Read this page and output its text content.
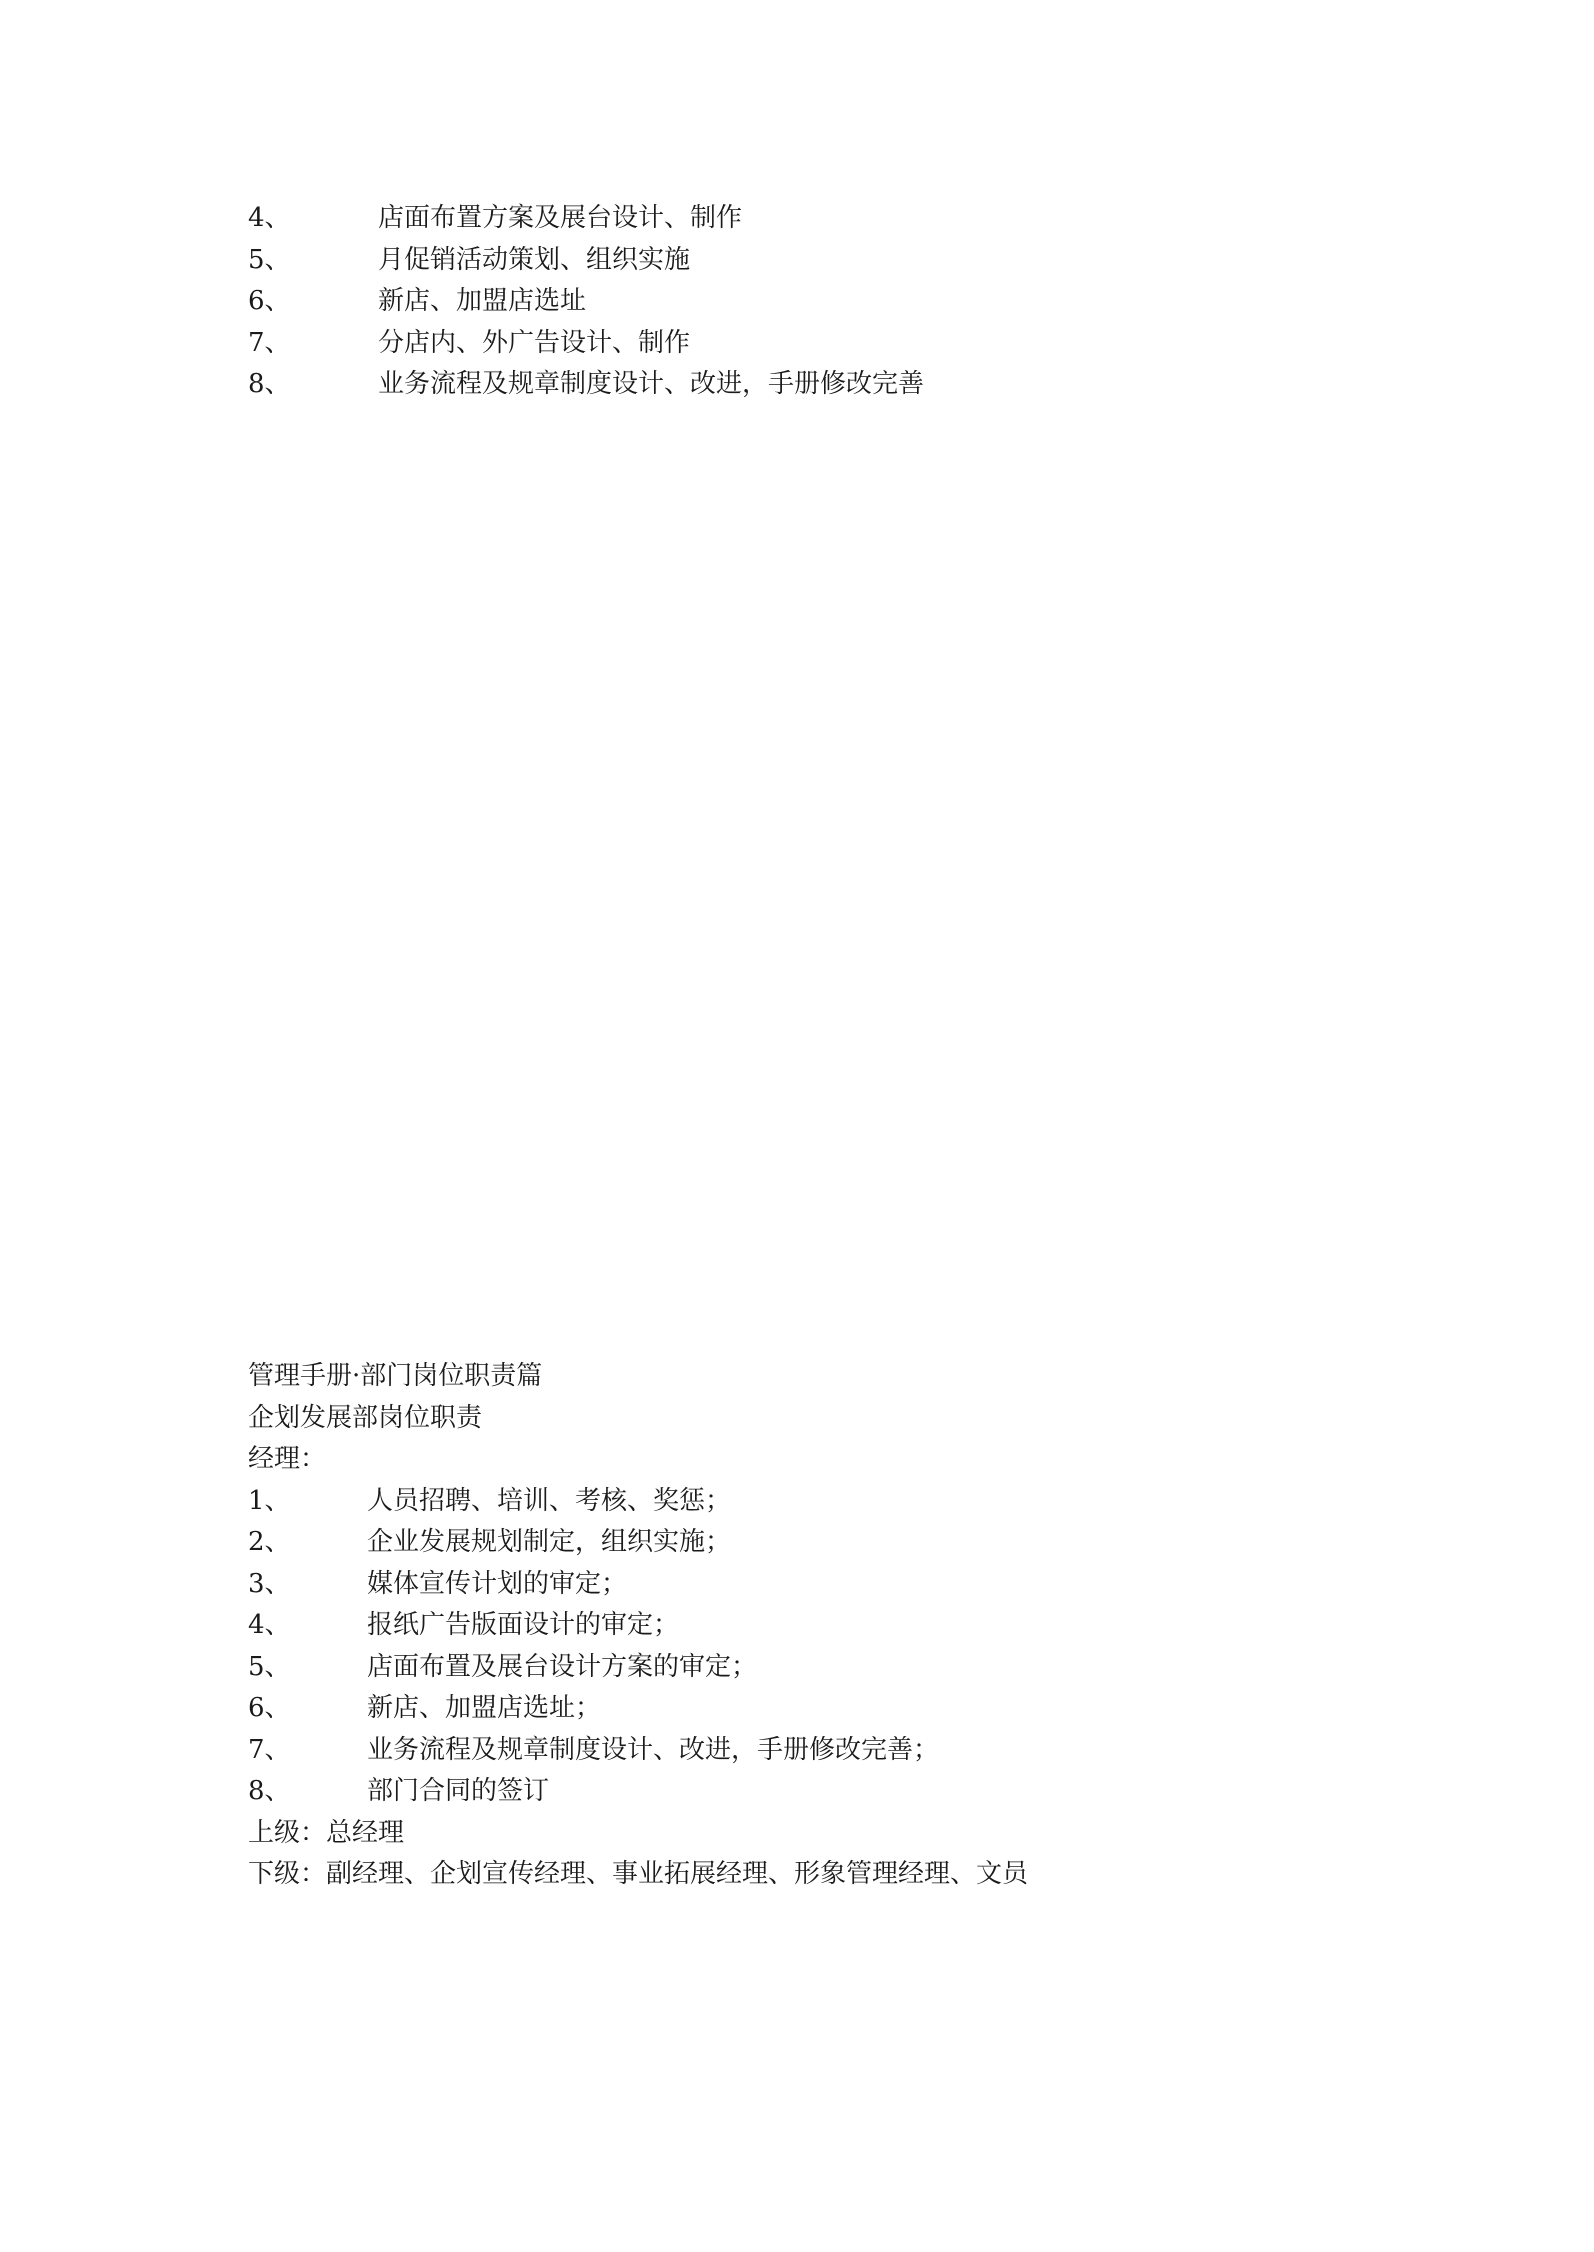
4、	店面布置方案及展台设计、制作
5、	月促销活动策划、组织实施
6、	新店、加盟店选址
7、	分店内、外广告设计、制作
8、	业务流程及规章制度设计、改进，手册修改完善
管理手册·部门岗位职责篇
企划发展部岗位职责
经理：
1、	人员招聘、培训、考核、奖惩；
2、	企业发展规划制定，组织实施；
3、	媒体宣传计划的审定；
4、	报纸广告版面设计的审定；
5、	店面布置及展台设计方案的审定；
6、	新店、加盟店选址；
7、	业务流程及规章制度设计、改进，手册修改完善；
8、	部门合同的签订
上级：总经理
下级：副经理、企划宣传经理、事业拓展经理、形象管理经理、文员
